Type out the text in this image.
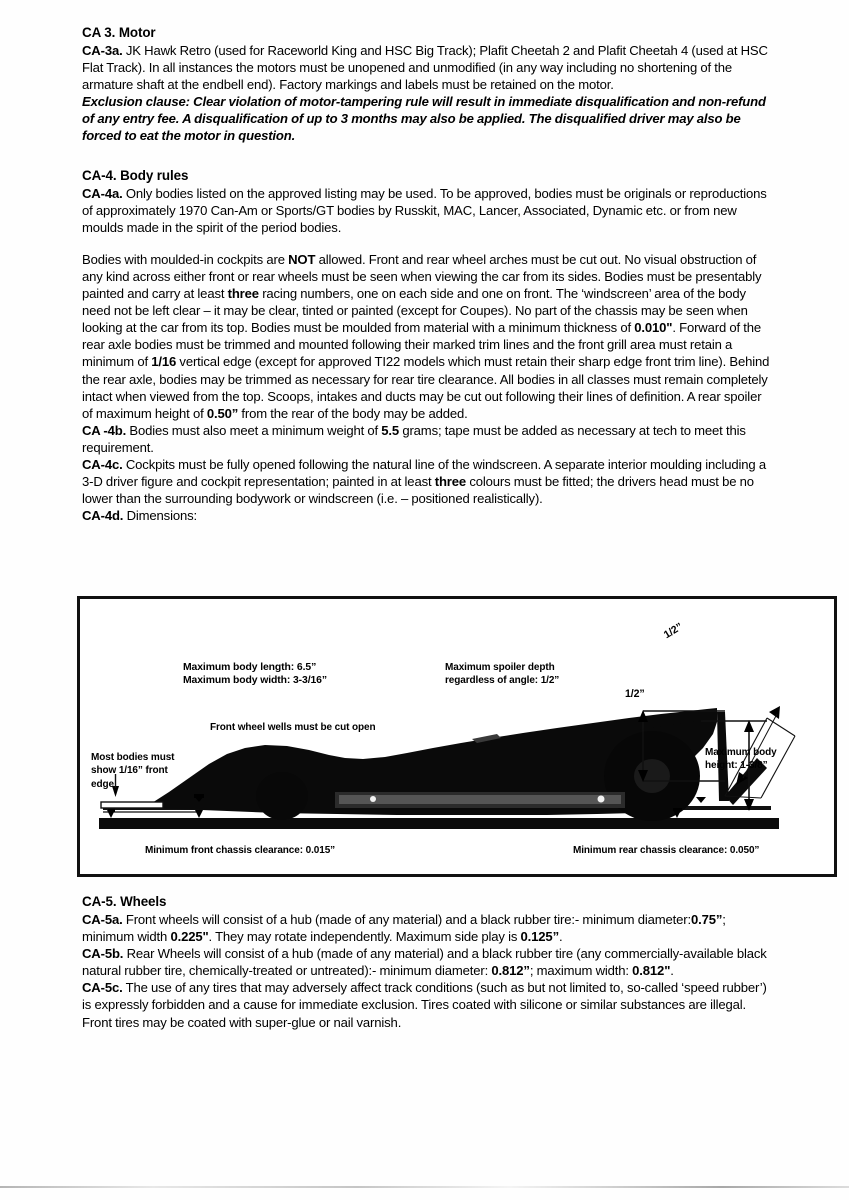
CA 3. Motor

CA-3a. JK Hawk Retro (used for Raceworld King and HSC Big Track); Plafit Cheetah 2 and Plafit Cheetah 4 (used at HSC Flat Track). In all instances the motors must be unopened and unmodified (in any way including no shortening of the armature shaft at the endbell end). Factory markings and labels must be retained on the motor.

Exclusion clause: Clear violation of motor-tampering rule will result in immediate disqualification and non-refund of any entry fee. A disqualification of up to 3 months may also be applied. The disqualified driver may also be forced to eat the motor in question.

CA-4. Body rules

CA-4a. Only bodies listed on the approved listing may be used. To be approved, bodies must be originals or reproductions of approximately 1970 Can-Am or Sports/GT bodies by Russkit, MAC, Lancer, Associated, Dynamic etc. or from new moulds made in the spirit of the period bodies.

Bodies with moulded-in cockpits are NOT allowed. Front and rear wheel arches must be cut out. No visual obstruction of any kind across either front or rear wheels must be seen when viewing the car from its sides. Bodies must be presentably painted and carry at least three racing numbers, one on each side and one on front. The ‘windscreen’ area of the body need not be left clear – it may be clear, tinted or painted (except for Coupes). No part of the chassis may be seen when looking at the car from its top. Bodies must be moulded from material with a minimum thickness of 0.010". Forward of the rear axle bodies must be trimmed and mounted following their marked trim lines and the front grill area must retain a minimum of 1/16 vertical edge (except for approved TI22 models which must retain their sharp edge front trim line). Behind the rear axle, bodies may be trimmed as necessary for rear tire clearance. All bodies in all classes must remain completely intact when viewed from the top. Scoops, intakes and ducts may be cut out following their lines of definition. A rear spoiler of maximum height of 0.50” from the rear of the body may be added.

CA -4b. Bodies must also meet a minimum weight of 5.5 grams; tape must be added as necessary at tech to meet this requirement.

CA-4c. Cockpits must be fully opened following the natural line of the windscreen. A separate interior moulding including a 3-D driver figure and cockpit representation; painted in at least three colours must be fitted; the drivers head must be no lower than the surrounding bodywork or windscreen (i.e. – positioned realistically).

CA-4d. Dimensions:

Maximum body length: 6.5”
Maximum body width: 3-3/16”
Front wheel wells must be cut open
Maximum spoiler depth
regardless of angle: 1/2”
Most bodies must
show 1/16” front
edge
Maximum body
height: 1-3/8”
Minimum front chassis clearance: 0.015”	Minimum rear chassis clearance: 0.050”
1/2”
1/2”
CA-5. Wheels

CA-5a. Front wheels will consist of a hub (made of any material) and a black rubber tire:- minimum diameter:0.75”; minimum width 0.225". They may rotate independently. Maximum side play is 0.125”.

CA-5b. Rear Wheels will consist of a hub (made of any material) and a black rubber tire (any commercially-available black natural rubber tire, chemically-treated or untreated):- minimum diameter: 0.812”; maximum width: 0.812".

CA-5c. The use of any tires that may adversely affect track conditions (such as but not limited to, so-called ‘speed rubber’) is expressly forbidden and a cause for immediate exclusion. Tires coated with silicone or similar substances are illegal. Front tires may be coated with super-glue or nail varnish.
